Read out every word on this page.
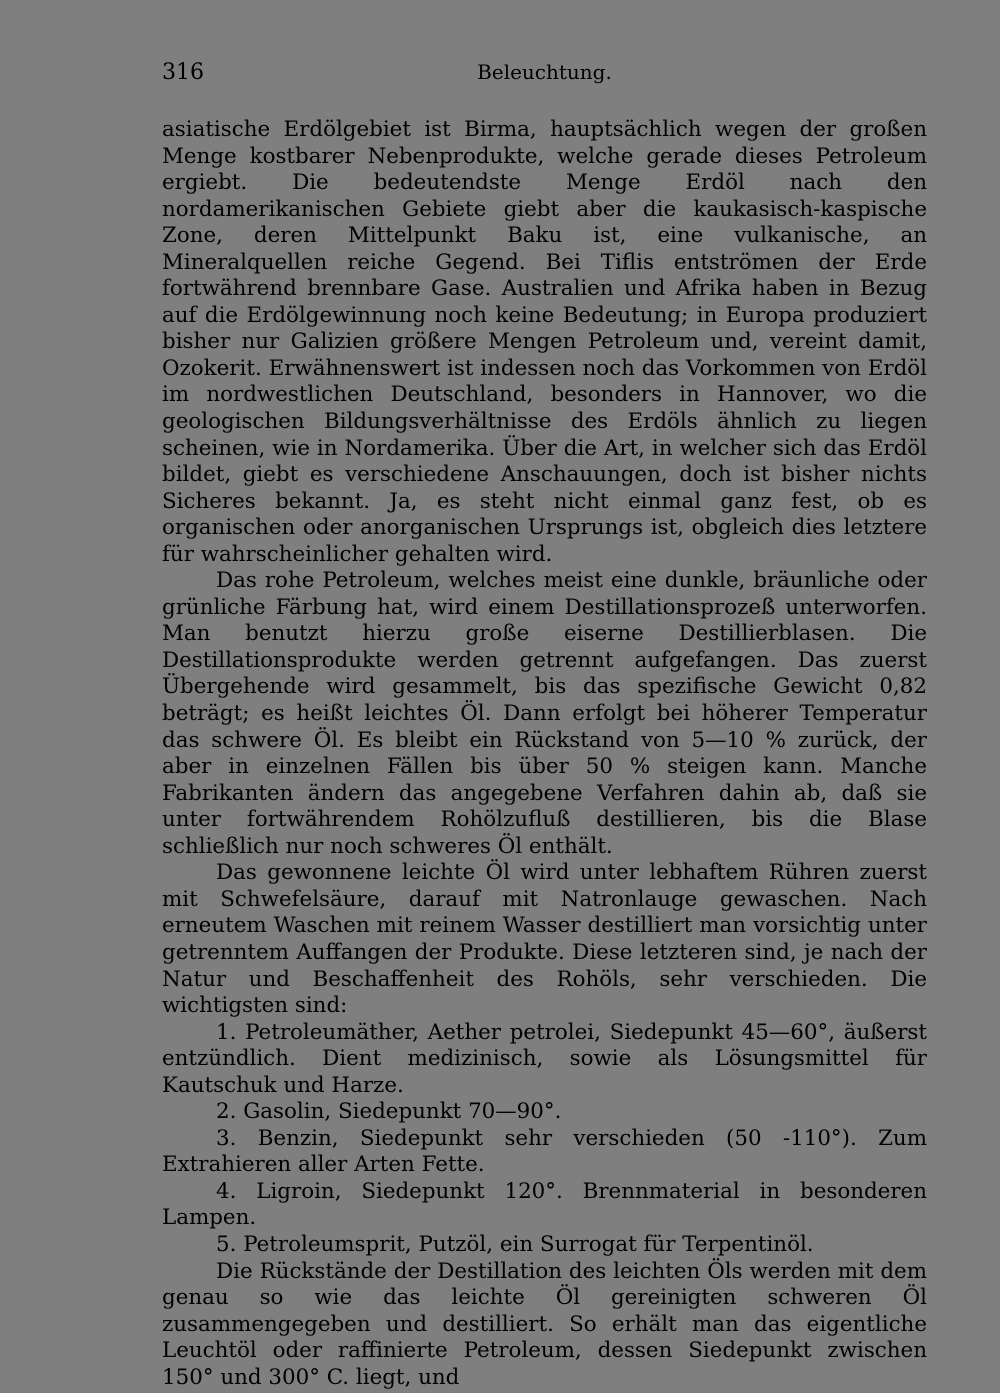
316	Beleuchtung.

asiatische Erdölgebiet ist Birma, hauptsächlich wegen der großen Menge kostbarer Nebenprodukte, welche gerade dieses Petroleum ergiebt. Die bedeutendste Menge Erdöl nach den nordamerikanischen Gebiete giebt aber die kaukasisch-kaspische Zone, deren Mittelpunkt Baku ist, eine vulkanische, an Mineralquellen reiche Gegend. Bei Tiflis entströmen der Erde fortwährend brennbare Gase. Australien und Afrika haben in Bezug auf die Erdölgewinnung noch keine Bedeutung; in Europa produziert bisher nur Galizien größere Mengen Petroleum und, vereint damit, Ozokerit. Erwähnenswert ist indessen noch das Vorkommen von Erdöl im nordwestlichen Deutschland, besonders in Hannover, wo die geologischen Bildungsverhältnisse des Erdöls ähnlich zu liegen scheinen, wie in Nordamerika. Über die Art, in welcher sich das Erdöl bildet, giebt es verschiedene Anschauungen, doch ist bisher nichts Sicheres bekannt. Ja, es steht nicht einmal ganz fest, ob es organischen oder anorganischen Ursprungs ist, obgleich dies letztere für wahrscheinlicher gehalten wird.

Das rohe Petroleum, welches meist eine dunkle, bräunliche oder grünliche Färbung hat, wird einem Destillationsprozeß unterworfen. Man benutzt hierzu große eiserne Destillierblasen. Die Destillationsprodukte werden getrennt aufgefangen. Das zuerst Übergehende wird gesammelt, bis das spezifische Gewicht 0,82 beträgt; es heißt leichtes Öl. Dann erfolgt bei höherer Temperatur das schwere Öl. Es bleibt ein Rückstand von 5—10 % zurück, der aber in einzelnen Fällen bis über 50 % steigen kann. Manche Fabrikanten ändern das angegebene Verfahren dahin ab, daß sie unter fortwährendem Rohölzufluß destillieren, bis die Blase schließlich nur noch schweres Öl enthält.

Das gewonnene leichte Öl wird unter lebhaftem Rühren zuerst mit Schwefelsäure, darauf mit Natronlauge gewaschen. Nach erneutem Waschen mit reinem Wasser destilliert man vorsichtig unter getrenntem Auffangen der Produkte. Diese letzteren sind, je nach der Natur und Beschaffenheit des Rohöls, sehr verschieden. Die wichtigsten sind:

1. Petroleumäther, Aether petrolei, Siedepunkt 45—60°, äußerst entzündlich. Dient medizinisch, sowie als Lösungsmittel für Kautschuk und Harze.

2. Gasolin, Siedepunkt 70—90°.

3. Benzin, Siedepunkt sehr verschieden (50 -110°). Zum Extrahieren aller Arten Fette.

4. Ligroin, Siedepunkt 120°. Brennmaterial in besonderen Lampen.

5. Petroleumsprit, Putzöl, ein Surrogat für Terpentinöl.

Die Rückstände der Destillation des leichten Öls werden mit dem genau so wie das leichte Öl gereinigten schweren Öl zusammengegeben und destilliert. So erhält man das eigentliche Leuchtöl oder raffinierte Petroleum, dessen Siedepunkt zwischen 150° und 300° C. liegt, und
